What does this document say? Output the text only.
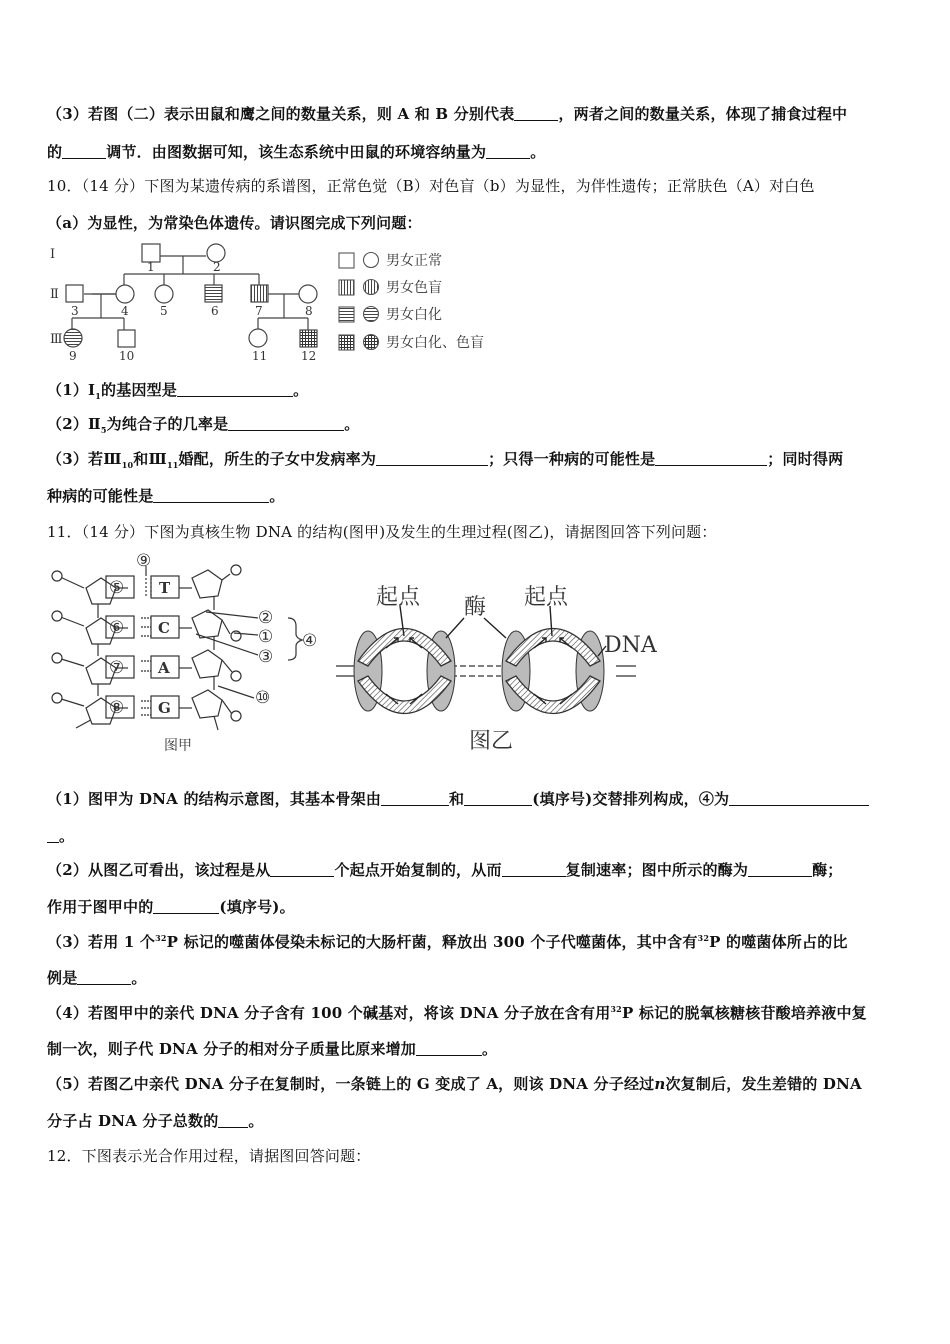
（3）若图（二）表示田鼠和鹰之间的数量关系，则 A 和 B 分别代表	，两者之间的数量关系，体现了捕食过程中
的	调节．由图数据可知，该生态系统中田鼠的环境容纳量为	。
10．（14 分）下图为某遗传病的系谱图，正常色觉（B）对色盲（b）为显性，为伴性遗传；正常肤色（A）对白色
（a）为显性，为常染色体遗传。请识图完成下列问题：
Ⅰ
Ⅱ
Ⅲ
1	2
3	4	5	6	7	8
9	10	11	12
男女正常
男女色盲
男女白化
男女白化、色盲
$(1)Ⅰ_1$的基因型是	。
$(2)Ⅱ_5$为纯合子的几率是	。
（3）若$Ⅲ_{10}$和$Ⅲ_{11}$婚配，所生的子女中发病率为	；只得一种病的可能性是	；同时得两
种病的可能性是	。
11．（14 分）下图为真核生物 DNA 的结构(图甲)及发生的生理过程(图乙)，请据图回答下列问题：
⑤
⑥
⑦
⑧
⑨
②
①
③
④
⑩
T
C
A
G
图甲
起点 酶 起点
DNA
图乙
（1）图甲为 DNA 的结构示意图，其基本骨架由	和	(填序号)交替排列构成，④为
。
（2）从图乙可看出，该过程是从	个起点开始复制的，从而	复制速率；图中所示的酶为	酶；
作用于图甲中的	(填序号)。
（3）若用 1 个$^{32}$P 标记的噬菌体侵染未标记的大肠杆菌，释放出 300 个子代噬菌体，其中含有$^{32}$P 的噬菌体所占的比
例是	。
（4）若图甲中的亲代 DNA 分子含有 100 个碱基对，将该 DNA 分子放在含有用$^{32}$P 标记的脱氧核糖核苷酸培养液中复
制一次，则子代 DNA 分子的相对分子质量比原来增加	。
（5）若图乙中亲代 DNA 分子在复制时，一条链上的 G 变成了 A，则该 DNA 分子经过n次复制后，发生差错的 DNA
分子占 DNA 分子总数的 。
12．下图表示光合作用过程，请据图回答问题：
